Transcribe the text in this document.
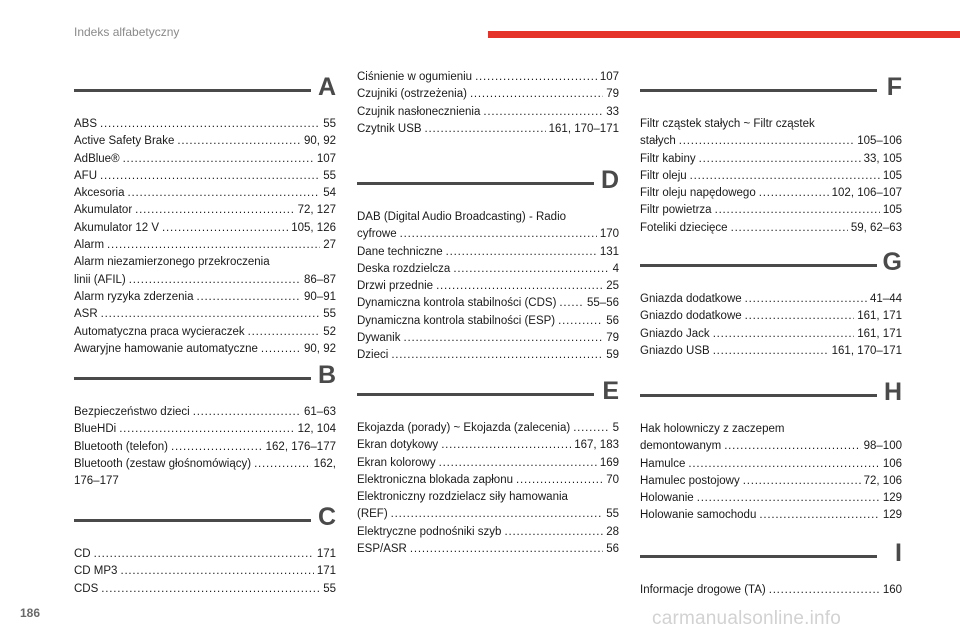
Indeks alfabetyczny
A
ABS . . .	55
Active Safety Brake . . .	90, 92
AdBlue® . . .	107
AFU . . .	55
Akcesoria . . .	54
Akumulator . . .	72, 127
Akumulator 12 V . . .	105, 126
Alarm . . .	27
Alarm niezamierzonego przekroczenia
linii (AFIL) . . .	86–87
Alarm ryzyka zderzenia . . .	90–91
ASR . . .	55
Automatyczna praca wycieraczek . . .	52
Awaryjne hamowanie automatyczne . . .	90, 92
B
Bezpieczeństwo dzieci . . .	61–63
BlueHDi . . .	12, 104
Bluetooth (telefon) . . .	162, 176–177
Bluetooth (zestaw głośnomówiący) . . .	162,
176–177
C
CD . . .	171
CD MP3 . . .	171
CDS . . .	55
Ciśnienie w ogumieniu . . .	107
Czujniki (ostrzeżenia) . . .	79
Czujnik nasłonecznienia . . .	33
Czytnik USB . . .	161, 170–171
D
DAB (Digital Audio Broadcasting) - Radio
cyfrowe . . .	170
Dane techniczne . . .	131
Deska rozdzielcza . . .	4
Drzwi przednie . . .	25
Dynamiczna kontrola stabilności (CDS) . . .	55–56
Dynamiczna kontrola stabilności (ESP) . . .	56
Dywanik . . .	79
Dzieci . . .	59
E
Ekojazda (porady) ~ Ekojazda (zalecenia) . . .	5
Ekran dotykowy . . .	167, 183
Ekran kolorowy . . .	169
Elektroniczna blokada zapłonu . . .	70
Elektroniczny rozdzielacz siły hamowania
(REF) . . .	55
Elektryczne podnośniki szyb . . .	28
ESP/ASR . . .	56
F
Filtr cząstek stałych ~ Filtr cząstek
stałych . . .	105–106
Filtr kabiny . . .	33, 105
Filtr oleju . . .	105
Filtr oleju napędowego . . .	102, 106–107
Filtr powietrza . . .	105
Foteliki dziecięce . . .	59, 62–63
G
Gniazda dodatkowe . . .	41–44
Gniazdo dodatkowe . . .	161, 171
Gniazdo Jack . . .	161, 171
Gniazdo USB . . .	161, 170–171
H
Hak holowniczy z zaczepem
demontowanym . . .	98–100
Hamulce . . .	106
Hamulec postojowy . . .	72, 106
Holowanie . . .	129
Holowanie samochodu . . .	129
I
Informacje drogowe (TA) . . .	160
186	carmanualsonline.info
